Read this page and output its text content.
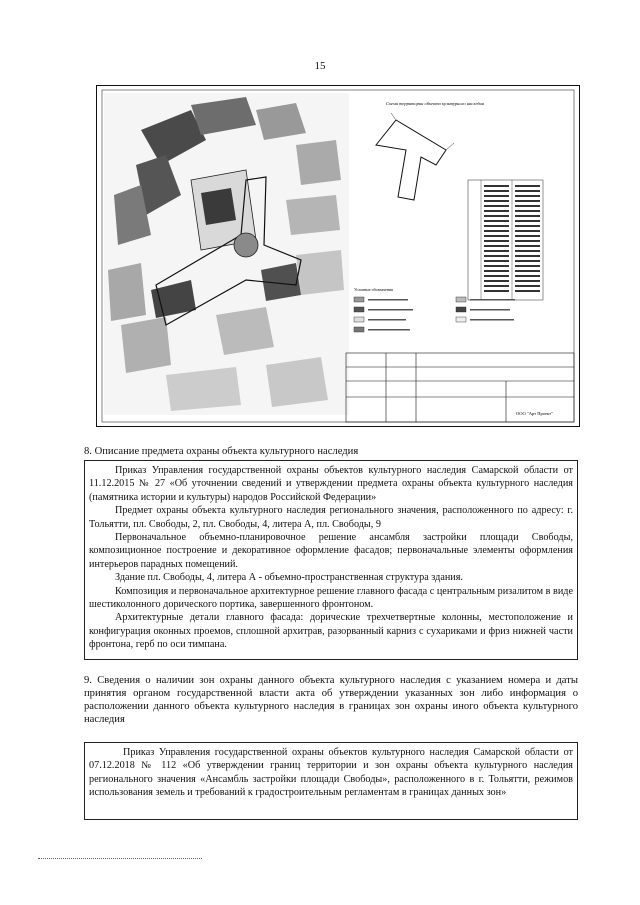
15
Схема территории объекта культурного наследия
Условные обозначения
ООО "Арт Проект"
8. Описание предмета охраны объекта культурного наследия

Приказ Управления государственной охраны объектов культурного наследия Самарской области от 11.12.2015 № 27 «Об уточнении сведений и утверждении предмета охраны объекта культурного наследия (памятника истории и культуры) народов Российской Федерации»

Предмет охраны объекта культурного наследия регионального значения, расположенного по адресу: г. Тольятти, пл. Свободы, 2, пл. Свободы, 4, литера А, пл. Свободы, 9

Первоначальное объемно-планировочное решение ансамбля застройки площади Свободы, композиционное построение и декоративное оформление фасадов; первоначальные элементы оформления интерьеров парадных помещений.

Здание пл. Свободы, 4, литера А - объемно-пространственная структура здания.

Композиция и первоначальное архитектурное решение главного фасада с центральным ризалитом в виде шестиколонного дорического портика, завершенного фронтоном.

Архитектурные детали главного фасада: дорические трехчетвертные колонны, местоположение и конфигурация оконных проемов, сплошной архитрав, разорванный карниз с сухариками и фриз нижней части фронтона, герб по оси тимпана.

9. Сведения о наличии зон охраны данного объекта культурного наследия с указанием номера и даты принятия органом государственной власти акта об утверждении указанных зон либо информация о расположении данного объекта культурного наследия в границах зон охраны иного объекта культурного наследия

Приказ Управления государственной охраны объектов культурного наследия Самарской области от 07.12.2018 № 112 «Об утверждении границ территории и зон охраны объекта культурного наследия регионального значения «Ансамбль застройки площади Свободы», расположенного в г. Тольятти, режимов использования земель и требований к градостроительным регламентам в границах данных зон»
